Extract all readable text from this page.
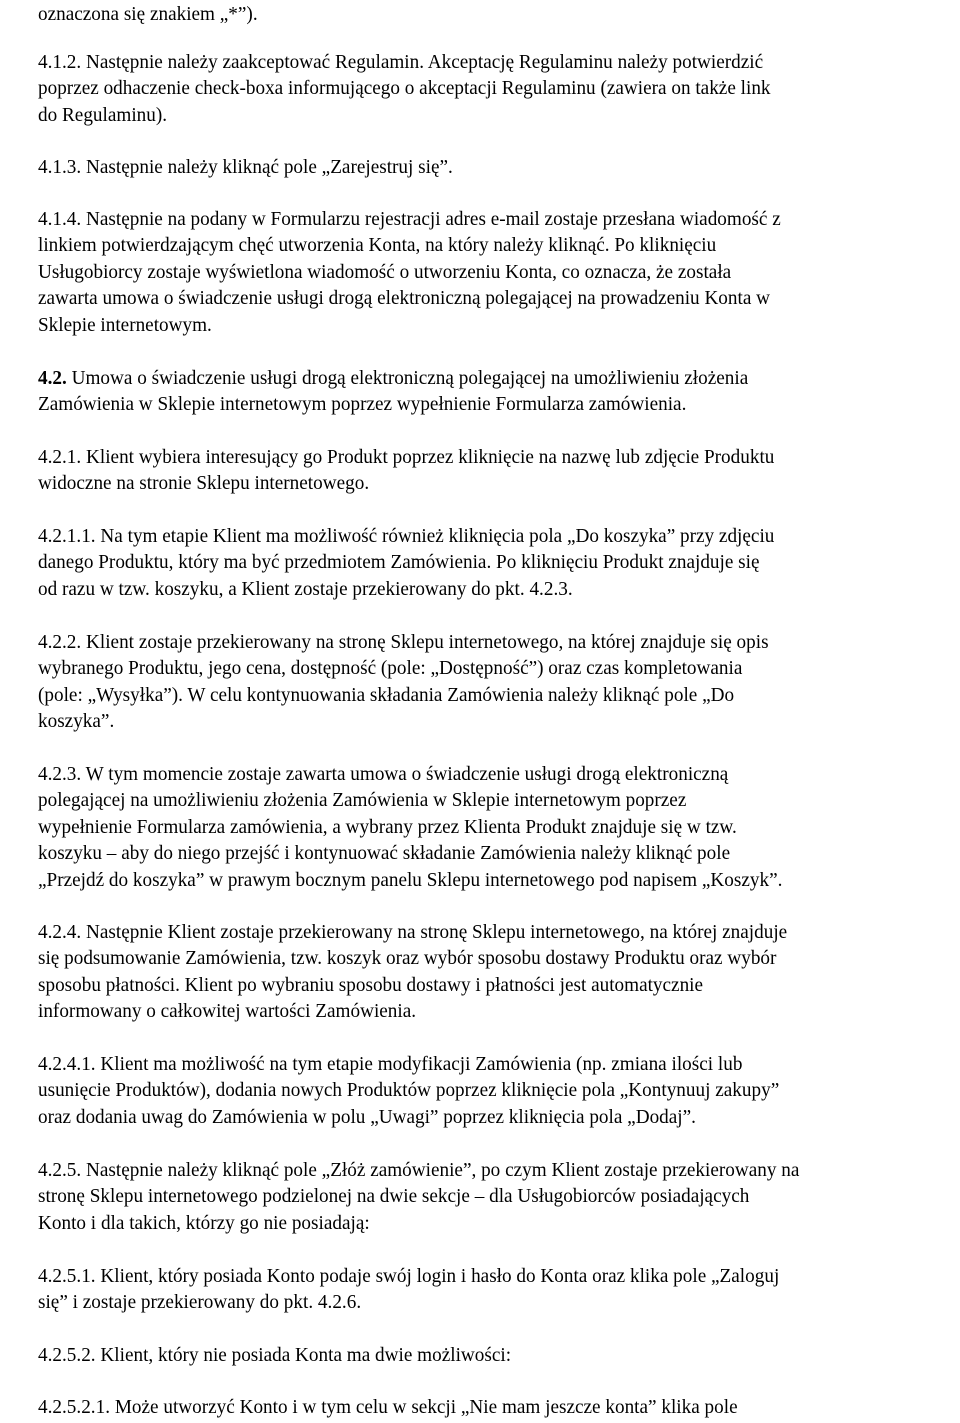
oznaczona się znakiem „*”).

4.1.2. Następnie należy zaakceptować Regulamin. Akceptację Regulaminu należy potwierdzić
poprzez odhaczenie check-boxa informującego o akceptacji Regulaminu (zawiera on także link
do Regulaminu).

4.1.3. Następnie należy kliknąć pole „Zarejestruj się”.

4.1.4. Następnie na podany w Formularzu rejestracji adres e-mail zostaje przesłana wiadomość z
linkiem potwierdzającym chęć utworzenia Konta, na który należy kliknąć. Po kliknięciu
Usługobiorcy zostaje wyświetlona wiadomość o utworzeniu Konta, co oznacza, że została
zawarta umowa o świadczenie usługi drogą elektroniczną polegającej na prowadzeniu Konta w
Sklepie internetowym.

4.2. Umowa o świadczenie usługi drogą elektroniczną polegającej na umożliwieniu złożenia
Zamówienia w Sklepie internetowym poprzez wypełnienie Formularza zamówienia.

4.2.1. Klient wybiera interesujący go Produkt poprzez kliknięcie na nazwę lub zdjęcie Produktu
widoczne na stronie Sklepu internetowego.

4.2.1.1. Na tym etapie Klient ma możliwość również kliknięcia pola „Do koszyka” przy zdjęciu
danego Produktu, który ma być przedmiotem Zamówienia. Po kliknięciu Produkt znajduje się
od razu w tzw. koszyku, a Klient zostaje przekierowany do pkt. 4.2.3.

4.2.2. Klient zostaje przekierowany na stronę Sklepu internetowego, na której znajduje się opis
wybranego Produktu, jego cena, dostępność (pole: „Dostępność”) oraz czas kompletowania
(pole: „Wysyłka”). W celu kontynuowania składania Zamówienia należy kliknąć pole „Do
koszyka”.

4.2.3. W tym momencie zostaje zawarta umowa o świadczenie usługi drogą elektroniczną
polegającej na umożliwieniu złożenia Zamówienia w Sklepie internetowym poprzez
wypełnienie Formularza zamówienia, a wybrany przez Klienta Produkt znajduje się w tzw.
koszyku – aby do niego przejść i kontynuować składanie Zamówienia należy kliknąć pole
„Przejdź do koszyka” w prawym bocznym panelu Sklepu internetowego pod napisem „Koszyk”.

4.2.4. Następnie Klient zostaje przekierowany na stronę Sklepu internetowego, na której znajduje
się podsumowanie Zamówienia, tzw. koszyk oraz wybór sposobu dostawy Produktu oraz wybór
sposobu płatności. Klient po wybraniu sposobu dostawy i płatności jest automatycznie
informowany o całkowitej wartości Zamówienia.

4.2.4.1. Klient ma możliwość na tym etapie modyfikacji Zamówienia (np. zmiana ilości lub
usunięcie Produktów), dodania nowych Produktów poprzez kliknięcie pola „Kontynuuj zakupy”
oraz dodania uwag do Zamówienia w polu „Uwagi” poprzez kliknięcia pola „Dodaj”.

4.2.5. Następnie należy kliknąć pole „Złóż zamówienie”, po czym Klient zostaje przekierowany na
stronę Sklepu internetowego podzielonej na dwie sekcje – dla Usługobiorców posiadających
Konto i dla takich, którzy go nie posiadają:

4.2.5.1. Klient, który posiada Konto podaje swój login i hasło do Konta oraz klika pole „Zaloguj
się” i zostaje przekierowany do pkt. 4.2.6.

4.2.5.2. Klient, który nie posiada Konta ma dwie możliwości:

4.2.5.2.1. Może utworzyć Konto i w tym celu w sekcji „Nie mam jeszcze konta” klika pole
